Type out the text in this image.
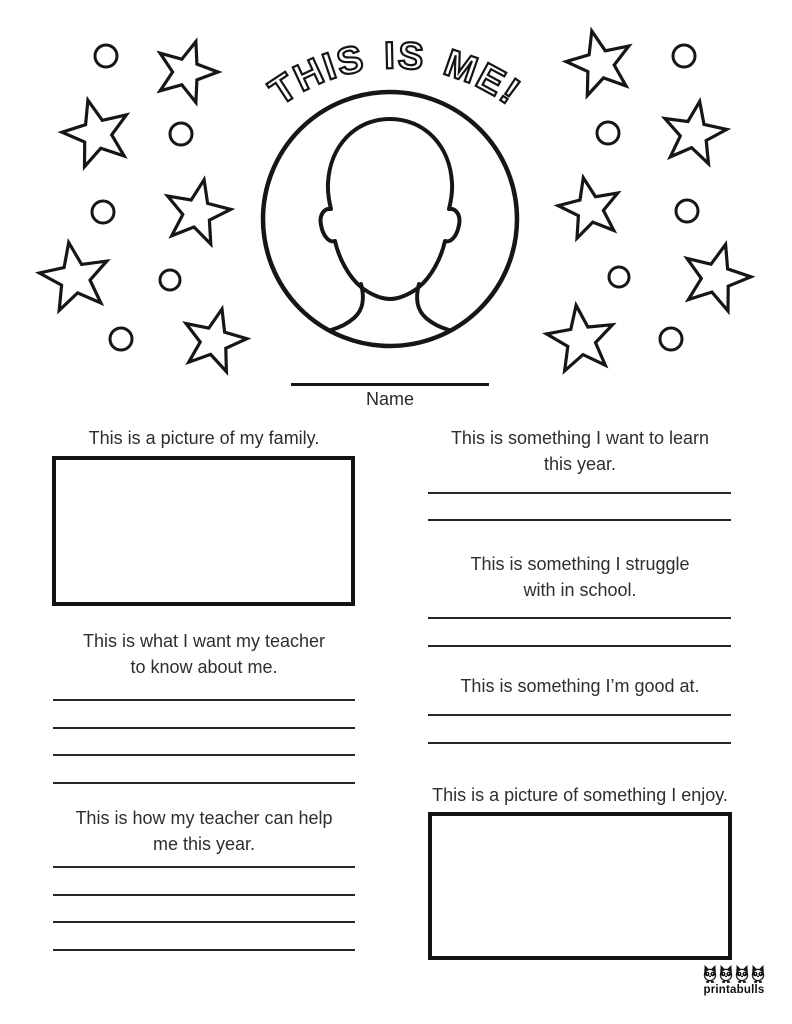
THIS IS ME!
Name
This is a picture of my family.
This is what I want my teacher
to know about me.
This is how my teacher can help
me this year.
This is something I want to learn
this year.
This is something I struggle
with in school.
This is something I’m good at.
This is a picture of something I enjoy.
printabulls
